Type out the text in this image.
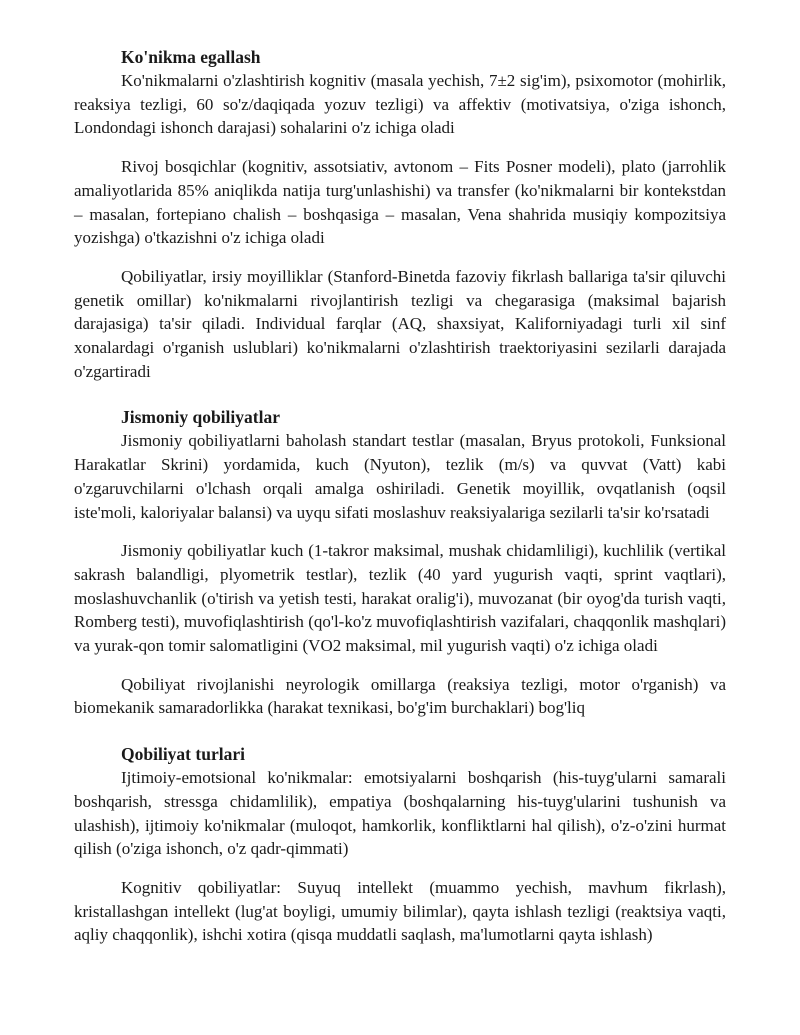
Ko'nikma egallash

Ko'nikmalarni o'zlashtirish kognitiv (masala yechish, 7±2 sig'im), psixomotor (mohirlik, reaksiya tezligi, 60 so'z/daqiqada yozuv tezligi) va affektiv (motivatsiya, o'ziga ishonch, Londondagi ishonch darajasi) sohalarini o'z ichiga oladi

Rivoj bosqichlar (kognitiv, assotsiativ, avtonom – Fits Posner modeli), plato (jarrohlik amaliyotlarida 85% aniqlikda natija turg'unlashishi) va transfer (ko'nikmalarni bir kontekstdan – masalan, fortepiano chalish – boshqasiga – masalan, Vena shahrida musiqiy kompozitsiya yozishga) o'tkazishni o'z ichiga oladi

Qobiliyatlar, irsiy moyilliklar (Stanford-Binetda fazoviy fikrlash ballariga ta'sir qiluvchi genetik omillar) ko'nikmalarni rivojlantirish tezligi va chegarasiga (maksimal bajarish darajasiga) ta'sir qiladi. Individual farqlar (AQ, shaxsiyat, Kaliforniyadagi turli xil sinf xonalardagi o'rganish uslublari) ko'nikmalarni o'zlashtirish traektoriyasini sezilarli darajada o'zgartiradi

Jismoniy qobiliyatlar

Jismoniy qobiliyatlarni baholash standart testlar (masalan, Bryus protokoli, Funksional Harakatlar Skrini) yordamida, kuch (Nyuton), tezlik (m/s) va quvvat (Vatt) kabi o'zgaruvchilarni o'lchash orqali amalga oshiriladi. Genetik moyillik, ovqatlanish (oqsil iste'moli, kaloriyalar balansi) va uyqu sifati moslashuv reaksiyalariga sezilarli ta'sir ko'rsatadi

Jismoniy qobiliyatlar kuch (1-takror maksimal, mushak chidamliligi), kuchlilik (vertikal sakrash balandligi, plyometrik testlar), tezlik (40 yard yugurish vaqti, sprint vaqtlari), moslashuvchanlik (o'tirish va yetish testi, harakat oralig'i), muvozanat (bir oyog'da turish vaqti, Romberg testi), muvofiqlashtirish (qo'l-ko'z muvofiqlashtirish vazifalari, chaqqonlik mashqlari) va yurak-qon tomir salomatligini (VO2 maksimal, mil yugurish vaqti) o'z ichiga oladi

Qobiliyat rivojlanishi neyrologik omillarga (reaksiya tezligi, motor o'rganish) va biomekanik samaradorlikka (harakat texnikasi, bo'g'im burchaklari) bog'liq

Qobiliyat turlari

Ijtimoiy-emotsional ko'nikmalar: emotsiyalarni boshqarish (his-tuyg'ularni samarali boshqarish, stressga chidamlilik), empatiya (boshqalarning his-tuyg'ularini tushunish va ulashish), ijtimoiy ko'nikmalar (muloqot, hamkorlik, konfliktlarni hal qilish), o'z-o'zini hurmat qilish (o'ziga ishonch, o'z qadr-qimmati)

Kognitiv qobiliyatlar: Suyuq intellekt (muammo yechish, mavhum fikrlash), kristallashgan intellekt (lug'at boyligi, umumiy bilimlar), qayta ishlash tezligi (reaktsiya vaqti, aqliy chaqqonlik), ishchi xotira (qisqa muddatli saqlash, ma'lumotlarni qayta ishlash)
